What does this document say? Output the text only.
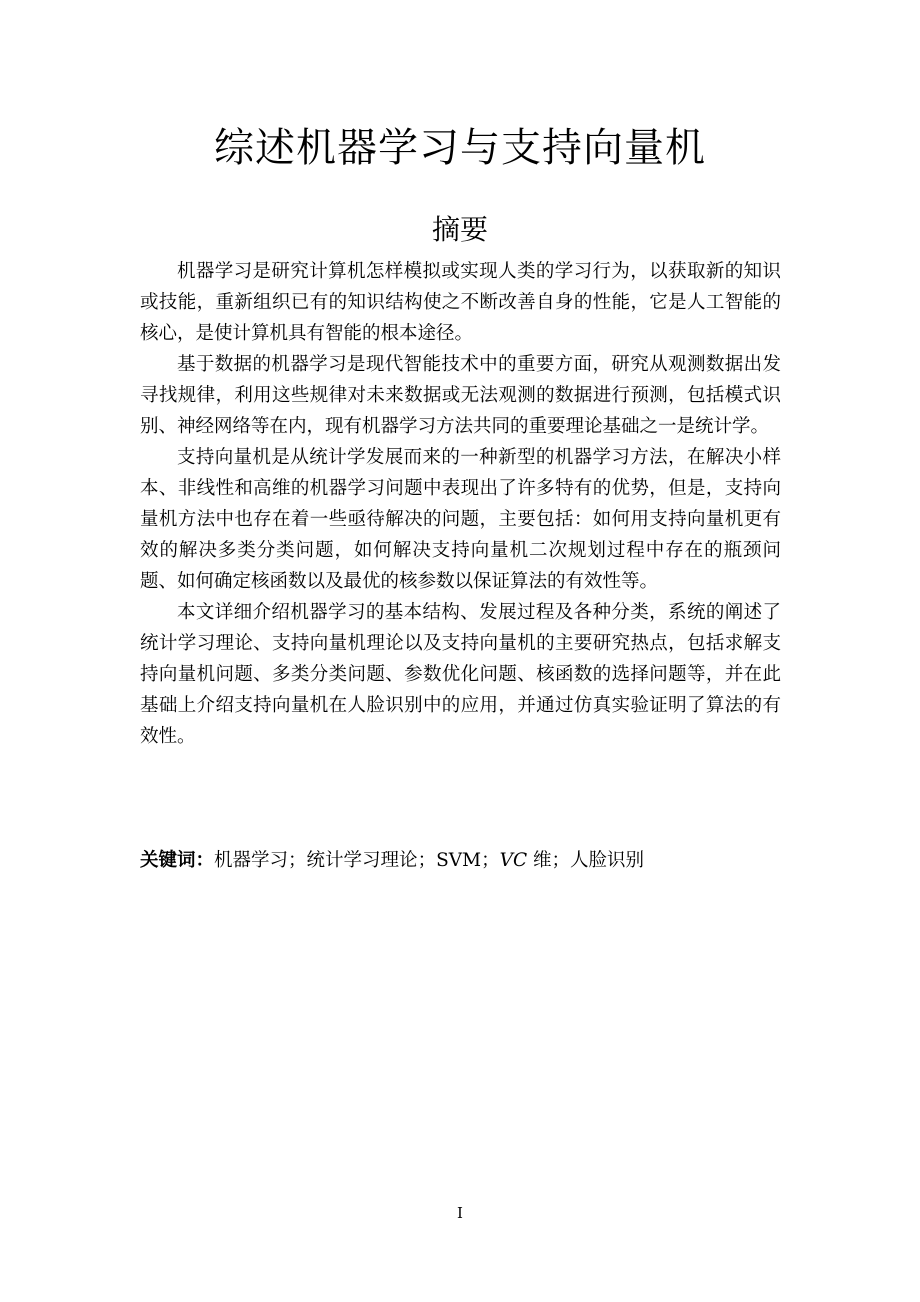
综述机器学习与支持向量机
摘要

机器学习是研究计算机怎样模拟或实现人类的学习行为，以获取新的知识或技能，重新组织已有的知识结构使之不断改善自身的性能，它是人工智能的核心，是使计算机具有智能的根本途径。

基于数据的机器学习是现代智能技术中的重要方面，研究从观测数据出发寻找规律，利用这些规律对未来数据或无法观测的数据进行预测，包括模式识别、神经网络等在内，现有机器学习方法共同的重要理论基础之一是统计学。

支持向量机是从统计学发展而来的一种新型的机器学习方法，在解决小样本、非线性和高维的机器学习问题中表现出了许多特有的优势，但是，支持向量机方法中也存在着一些亟待解决的问题，主要包括：如何用支持向量机更有效的解决多类分类问题，如何解决支持向量机二次规划过程中存在的瓶颈问题、如何确定核函数以及最优的核参数以保证算法的有效性等。

本文详细介绍机器学习的基本结构、发展过程及各种分类，系统的阐述了统计学习理论、支持向量机理论以及支持向量机的主要研究热点，包括求解支持向量机问题、多类分类问题、参数优化问题、核函数的选择问题等，并在此基础上介绍支持向量机在人脸识别中的应用，并通过仿真实验证明了算法的有效性。

关键词：机器学习；统计学习理论；SVM；VC 维；人脸识别
I
